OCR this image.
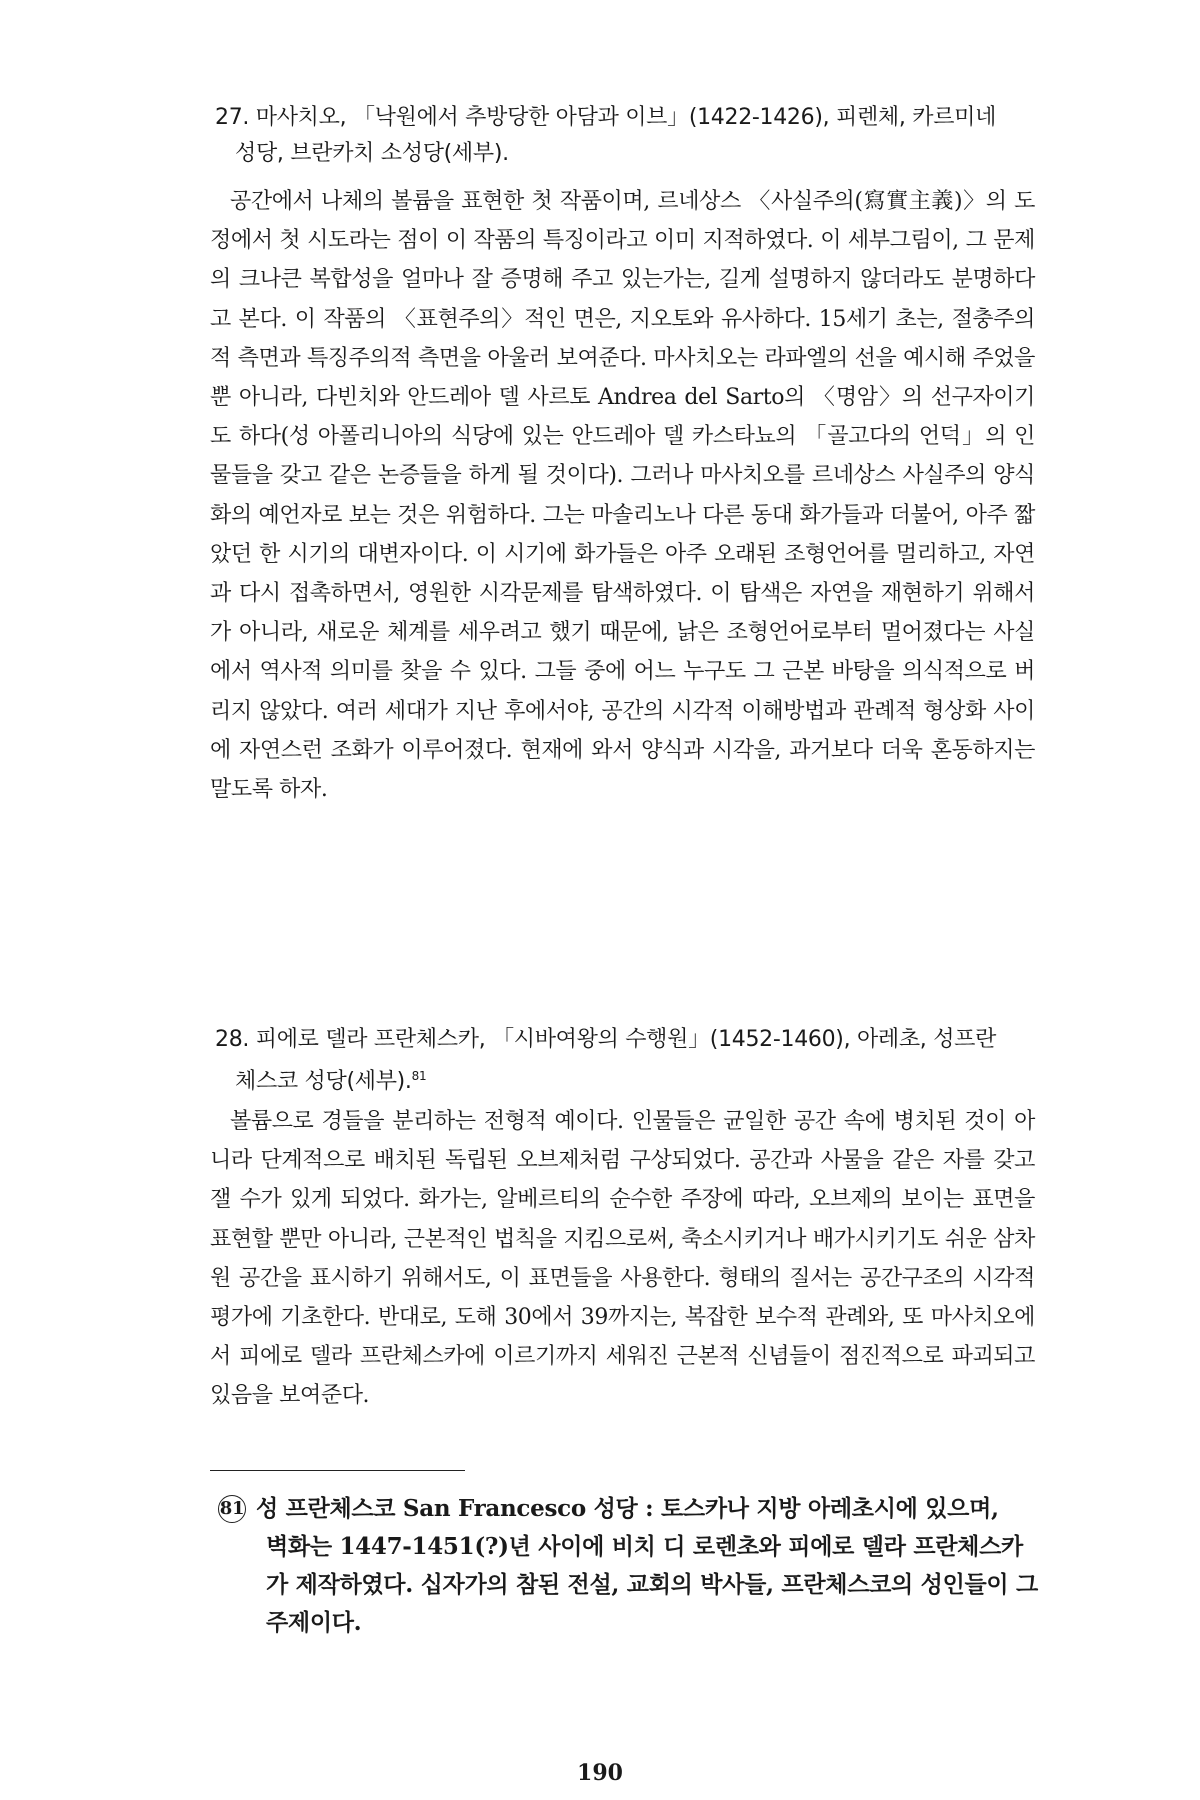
27. 마사치오, 「낙원에서 추방당한 아담과 이브」(1422-1426), 피렌체, 카르미네
성당, 브란카치 소성당(세부).

공간에서 나체의 볼륨을 표현한 첫 작품이며, 르네상스 〈사실주의(寫實主義)〉의 도정에서 첫 시도라는 점이 이 작품의 특징이라고 이미 지적하였다. 이 세부그림이, 그 문제의 크나큰 복합성을 얼마나 잘 증명해 주고 있는가는, 길게 설명하지 않더라도 분명하다고 본다. 이 작품의 〈표현주의〉적인 면은, 지오토와 유사하다. 15세기 초는, 절충주의적 측면과 특징주의적 측면을 아울러 보여준다. 마사치오는 라파엘의 선을 예시해 주었을 뿐 아니라, 다빈치와 안드레아 델 사르토 Andrea del Sarto의 〈명암〉의 선구자이기도 하다(성 아폴리니아의 식당에 있는 안드레아 델 카스타뇨의 「골고다의 언덕」의 인물들을 갖고 같은 논증들을 하게 될 것이다). 그러나 마사치오를 르네상스 사실주의 양식화의 예언자로 보는 것은 위험하다. 그는 마솔리노나 다른 동대 화가들과 더불어, 아주 짧았던 한 시기의 대변자이다. 이 시기에 화가들은 아주 오래된 조형언어를 멀리하고, 자연과 다시 접촉하면서, 영원한 시각문제를 탐색하였다. 이 탐색은 자연을 재현하기 위해서가 아니라, 새로운 체계를 세우려고 했기 때문에, 낡은 조형언어로부터 멀어졌다는 사실에서 역사적 의미를 찾을 수 있다. 그들 중에 어느 누구도 그 근본 바탕을 의식적으로 버리지 않았다. 여러 세대가 지난 후에서야, 공간의 시각적 이해방법과 관례적 형상화 사이에 자연스런 조화가 이루어졌다. 현재에 와서 양식과 시각을, 과거보다 더욱 혼동하지는 말도록 하자.

28. 피에로 델라 프란체스카, 「시바여왕의 수행원」(1452-1460), 아레초, 성프란
체스코 성당(세부).$^{81}$

볼륨으로 경들을 분리하는 전형적 예이다. 인물들은 균일한 공간 속에 병치된 것이 아니라 단계적으로 배치된 독립된 오브제처럼 구상되었다. 공간과 사물을 같은 자를 갖고 잴 수가 있게 되었다. 화가는, 알베르티의 순수한 주장에 따라, 오브제의 보이는 표면을 표현할 뿐만 아니라, 근본적인 법칙을 지킴으로써, 축소시키거나 배가시키기도 쉬운 삼차원 공간을 표시하기 위해서도, 이 표면들을 사용한다. 형태의 질서는 공간구조의 시각적 평가에 기초한다. 반대로, 도해 30에서 39까지는, 복잡한 보수적 관례와, 또 마사치오에서 피에로 델라 프란체스카에 이르기까지 세워진 근본적 신념들이 점진적으로 파괴되고 있음을 보여준다.

81 성 프란체스코 San Francesco 성당 : 토스카나 지방 아레초시에 있으며,
벽화는 1447-1451(?)년 사이에 비치 디 로렌초와 피에로 델라 프란체스카가 제작하였다. 십자가의 참된 전설, 교회의 박사들, 프란체스코의 성인들이 그 주제이다.

190
